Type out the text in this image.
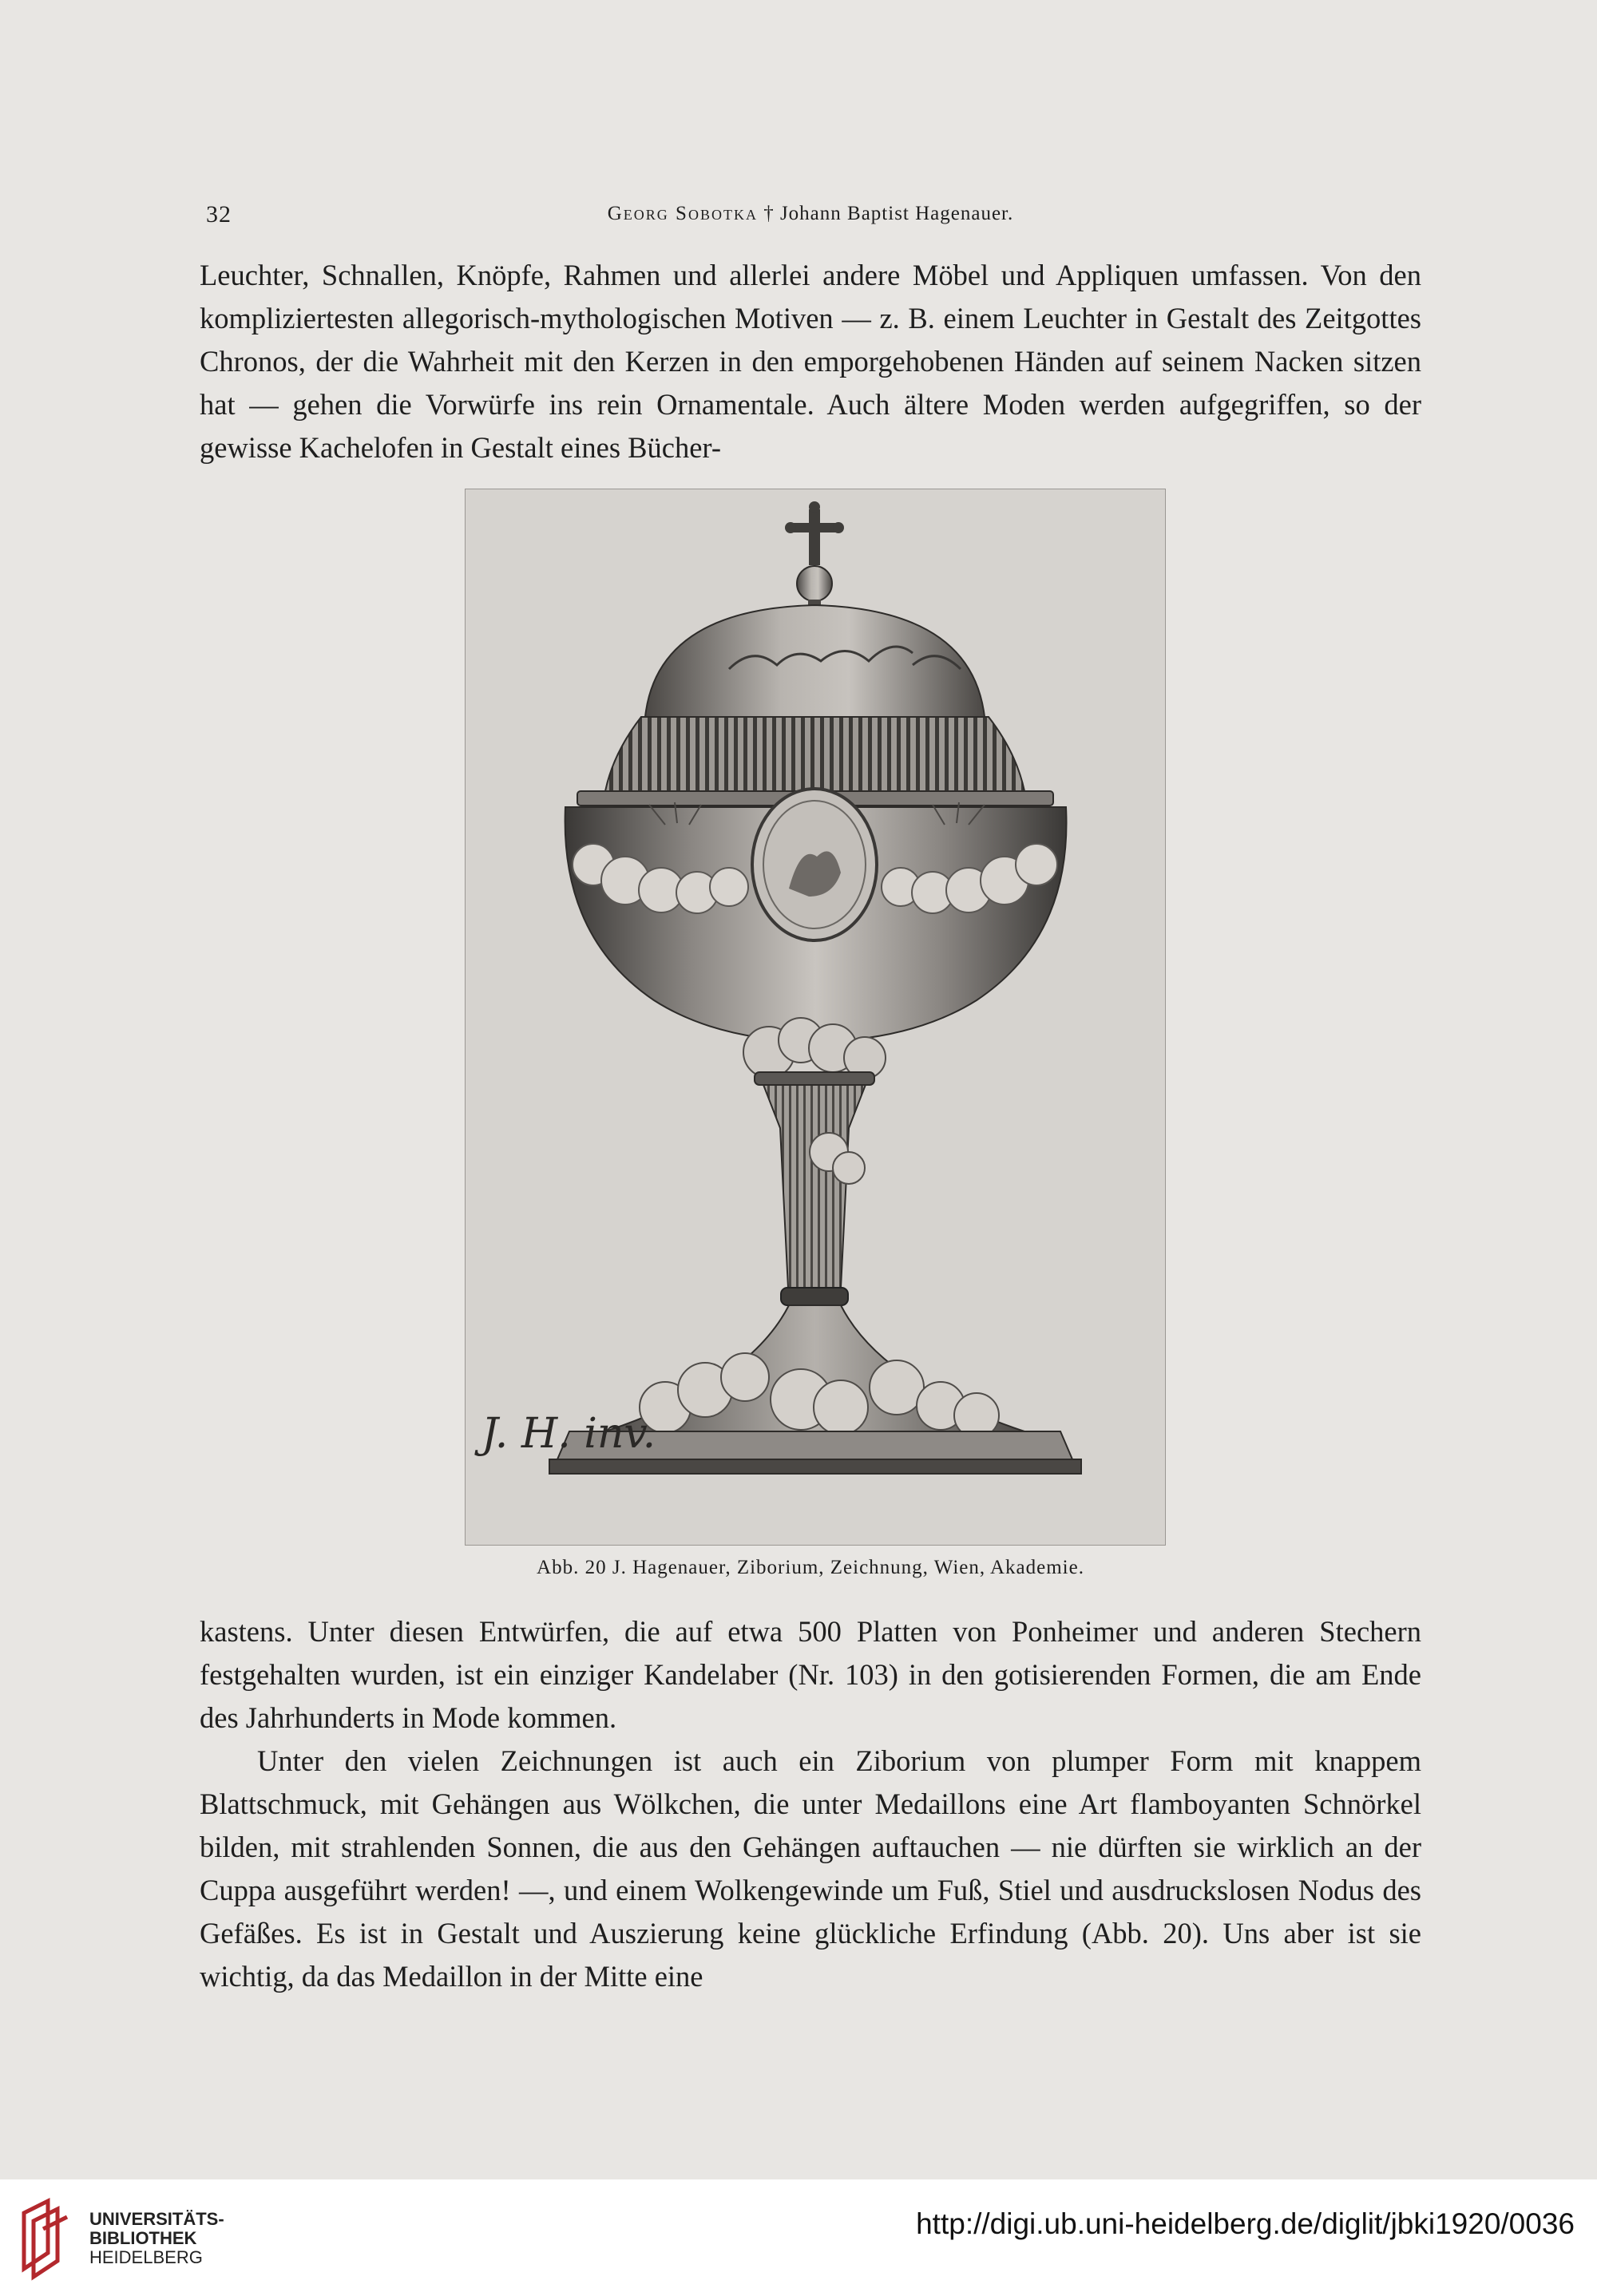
32	Georg Sobotka † Johann Baptist Hagenauer.

Leuchter, Schnallen, Knöpfe, Rahmen und allerlei andere Möbel und Appliquen umfassen. Von den kompliziertesten allegorisch-mythologischen Motiven — z. B. einem Leuchter in Gestalt des Zeitgottes Chronos, der die Wahrheit mit den Kerzen in den emporgehobenen Händen auf seinem Nacken sitzen hat — gehen die Vorwürfe ins rein Ornamentale. Auch ältere Moden werden aufgegriffen, so der gewisse Kachelofen in Gestalt eines Bücher-

J. H. inv.
Abb. 20 J. Hagenauer, Ziborium, Zeichnung, Wien, Akademie.

kastens. Unter diesen Entwürfen, die auf etwa 500 Platten von Ponheimer und anderen Stechern festgehalten wurden, ist ein einziger Kandelaber (Nr. 103) in den gotisierenden Formen, die am Ende des Jahrhunderts in Mode kommen.

Unter den vielen Zeichnungen ist auch ein Ziborium von plumper Form mit knappem Blattschmuck, mit Gehängen aus Wölkchen, die unter Medaillons eine Art flamboyanten Schnörkel bilden, mit strahlenden Sonnen, die aus den Gehängen auftauchen — nie dürften sie wirklich an der Cuppa ausgeführt werden! —, und einem Wolkengewinde um Fuß, Stiel und ausdruckslosen Nodus des Gefäßes. Es ist in Gestalt und Auszierung keine glückliche Erfindung (Abb. 20). Uns aber ist sie wichtig, da das Medaillon in der Mitte eine

UNIVERSITÄTS-
BIBLIOTHEK
HEIDELBERG
http://digi.ub.uni-heidelberg.de/diglit/jbki1920/0036
